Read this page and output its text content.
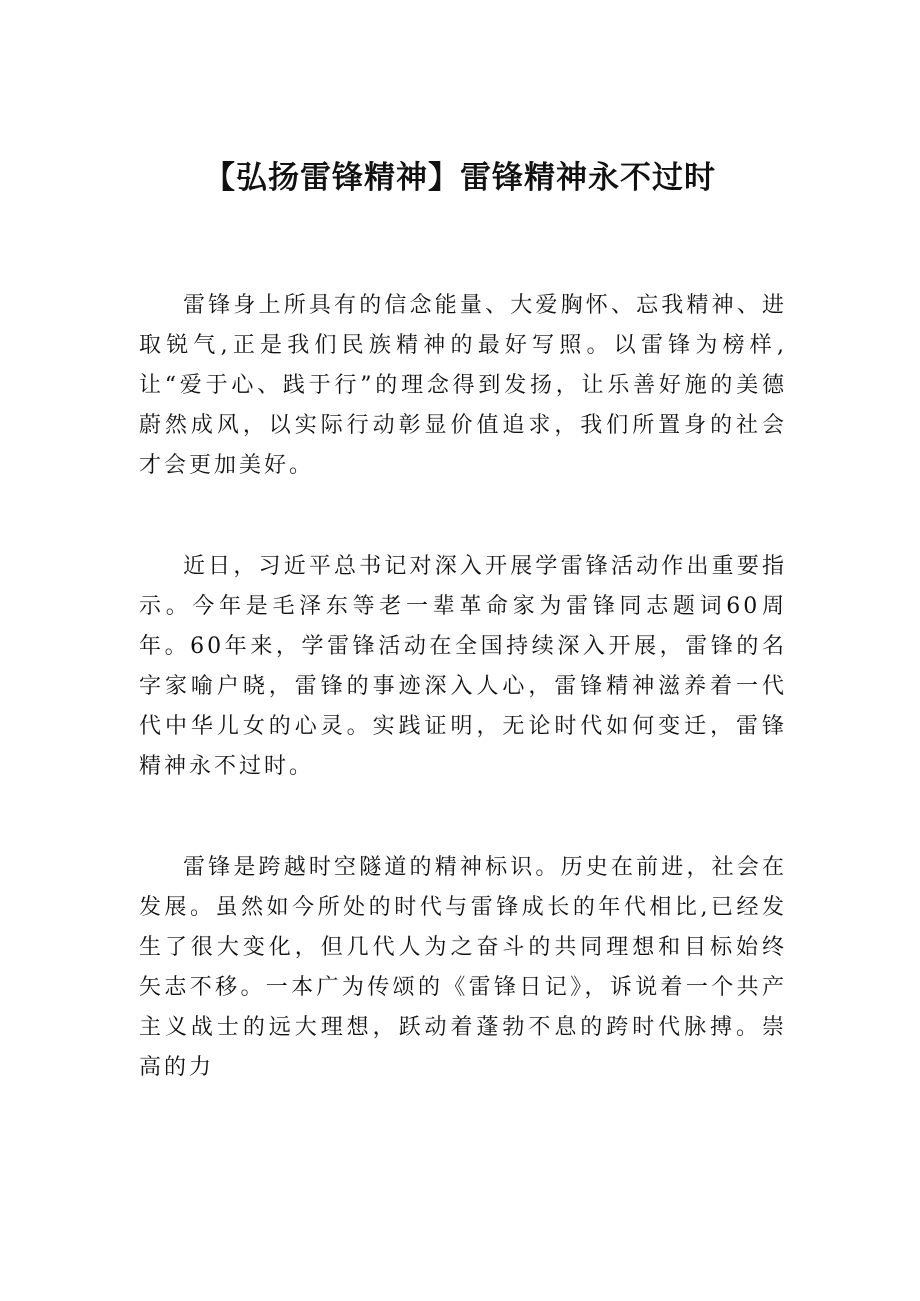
【弘扬雷锋精神】雷锋精神永不过时

雷锋身上所具有的信念能量、大爱胸怀、忘我精神、进取锐气,正是我们民族精神的最好写照。以雷锋为榜样,让“爱于心、践于行”的理念得到发扬，让乐善好施的美德蔚然成风，以实际行动彰显价值追求，我们所置身的社会才会更加美好。

近日，习近平总书记对深入开展学雷锋活动作出重要指示。今年是毛泽东等老一辈革命家为雷锋同志题词60周年。60年来，学雷锋活动在全国持续深入开展，雷锋的名字家喻户晓，雷锋的事迹深入人心，雷锋精神滋养着一代代中华儿女的心灵。实践证明，无论时代如何变迁，雷锋精神永不过时。

雷锋是跨越时空隧道的精神标识。历史在前进，社会在发展。虽然如今所处的时代与雷锋成长的年代相比,已经发生了很大变化，但几代人为之奋斗的共同理想和目标始终矢志不移。一本广为传颂的《雷锋日记》，诉说着一个共产主义战士的远大理想，跃动着蓬勃不息的跨时代脉搏。崇高的力
